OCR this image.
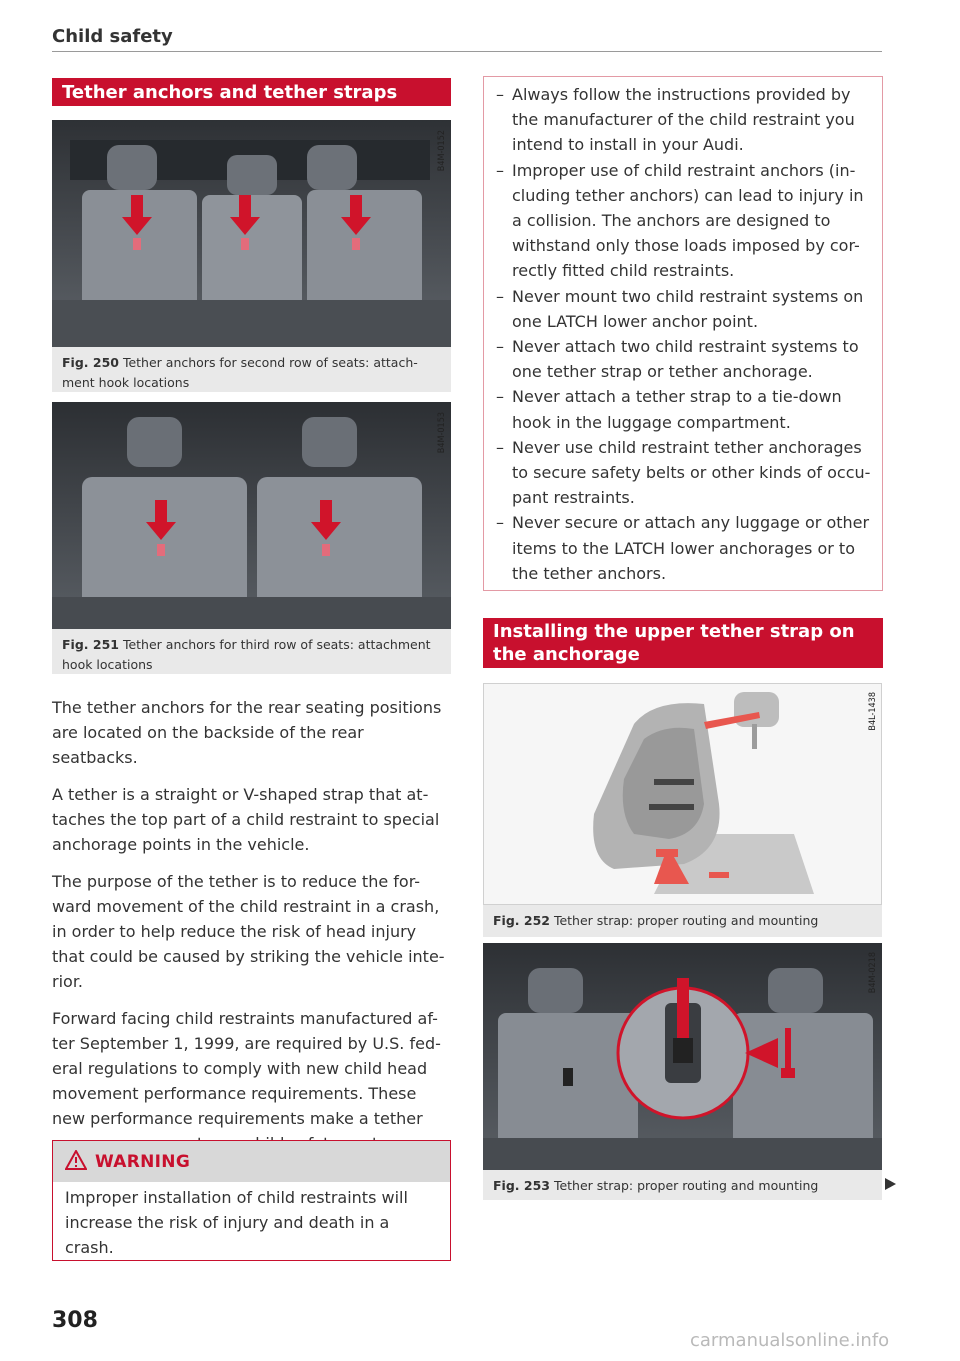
Child safety
Tether anchors and tether straps
B4M-0152
Fig. 250 Tether anchors for second row of seats: attach-ment hook locations
B4M-0153
Fig. 251 Tether anchors for third row of seats: attachment hook locations

The tether anchors for the rear seating positions are located on the backside of the rear seatbacks.

A tether is a straight or V-shaped strap that at-taches the top part of a child restraint to special anchorage points in the vehicle.

The purpose of the tether is to reduce the for-ward movement of the child restraint in a crash, in order to help reduce the risk of head injury that could be caused by striking the vehicle inte-rior.

Forward facing child restraints manufactured af-ter September 1, 1999, are required by U.S. fed-eral regulations to comply with new child head movement performance requirements. These new performance requirements make a tether

WARNING
Improper installation of child restraints will increase the risk of injury and death in a crash.
308
– Always follow the instructions provided by the manufacturer of the child restraint you intend to install in your Audi.
– Improper use of child restraint anchors (in-cluding tether anchors) can lead to injury in a collision. The anchors are designed to withstand only those loads imposed by cor-rectly fitted child restraints.
– Never mount two child restraint systems on one LATCH lower anchor point.
– Never attach two child restraint systems to one tether strap or tether anchorage.
– Never attach a tether strap to a tie-down hook in the luggage compartment.
– Never use child restraint tether anchorages to secure safety belts or other kinds of occu-pant restraints.
– Never secure or attach any luggage or other items to the LATCH lower anchorages or to the tether anchors.
Installing the upper tether strap on the anchorage
B4L-1438
Fig. 252 Tether strap: proper routing and mounting
B4M-0218
Fig. 253 Tether strap: proper routing and mounting
carmanualsonline.info
